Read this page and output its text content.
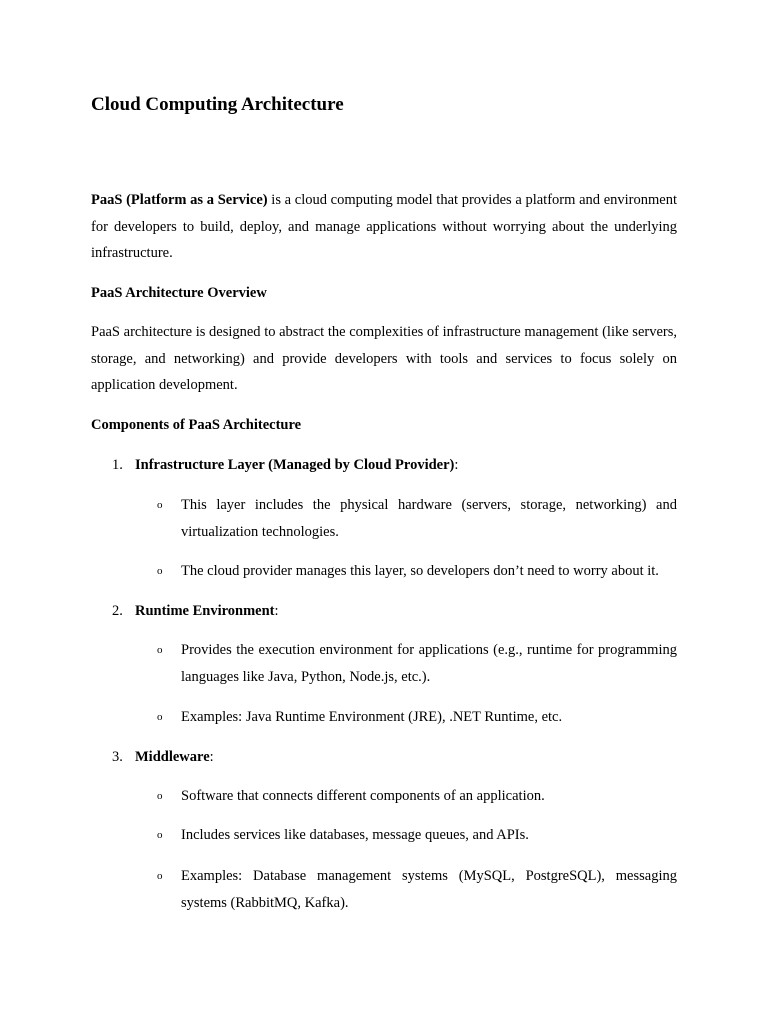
Cloud Computing Architecture

PaaS (Platform as a Service) is a cloud computing model that provides a platform and environment for developers to build, deploy, and manage applications without worrying about the underlying infrastructure.

PaaS Architecture Overview

PaaS architecture is designed to abstract the complexities of infrastructure management (like servers, storage, and networking) and provide developers with tools and services to focus solely on application development.

Components of PaaS Architecture
1. Infrastructure Layer (Managed by Cloud Provider):
o This layer includes the physical hardware (servers, storage, networking) and virtualization technologies.
o The cloud provider manages this layer, so developers don’t need to worry about it.
2. Runtime Environment:
o Provides the execution environment for applications (e.g., runtime for programming languages like Java, Python, Node.js, etc.).
o Examples: Java Runtime Environment (JRE), .NET Runtime, etc.
3. Middleware:
o Software that connects different components of an application.
o Includes services like databases, message queues, and APIs.
o Examples: Database management systems (MySQL, PostgreSQL), messaging systems (RabbitMQ, Kafka).
